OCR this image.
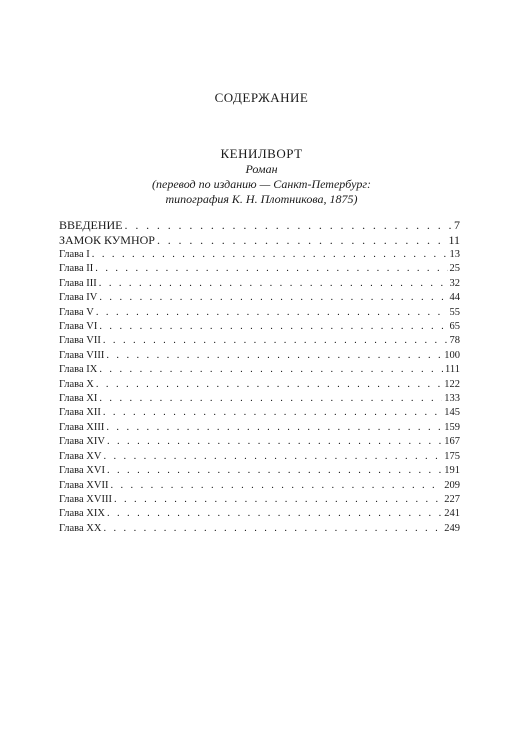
СОДЕРЖАНИЕ
КЕНИЛВОРТ
Роман
(перевод по изданию — Санкт-Петербург:
типография К. Н. Плотникова, 1875)
ВВЕДЕНИЕ . . .	7
ЗАМОК КУМНОР . . .	11
Глава I . . .	13
Глава II . . .	25
Глава III . . .	32
Глава IV . . .	44
Глава V . . .	55
Глава VI . . .	65
Глава VII . . .	78
Глава VIII . . .	100
Глава IX . . .	111
Глава X . . .	122
Глава XI . . .	133
Глава XII . . .	145
Глава XIII . . .	159
Глава XIV . . .	167
Глава XV . . .	175
Глава XVI . . .	191
Глава XVII . . .	209
Глава XVIII . . .	227
Глава XIX . . .	241
Глава XX . . .	249
